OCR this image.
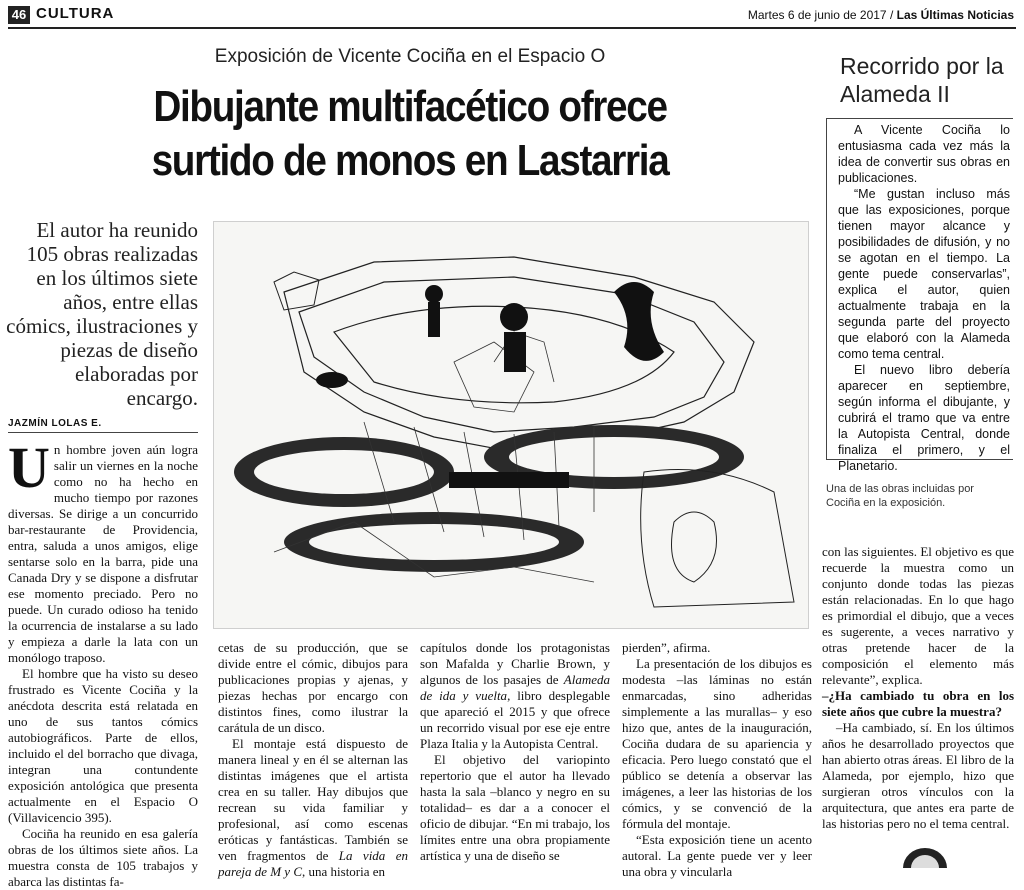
46 CULTURA	Martes 6 de junio de 2017 / Las Últimas Noticias
Exposición de Vicente Cociña en el Espacio O
Dibujante multifacético ofrece
surtido de monos en Lastarria
El autor ha reunido 105 obras realizadas en los últimos siete años, entre ellas cómics, ilustraciones y piezas de diseño elaboradas por encargo.
JAZMÍN LOLAS E.

Un hombre joven aún logra salir un viernes en la noche como no ha hecho en mucho tiempo por razones diversas. Se dirige a un concurrido bar-restaurante de Providencia, entra, saluda a unos amigos, elige sentarse solo en la barra, pide una Canada Dry y se dispone a disfrutar ese momento preciado. Pero no puede. Un curado odioso ha tenido la ocurrencia de instalarse a su lado y empieza a darle la lata con un monólogo traposo.

El hombre que ha visto su deseo frustrado es Vicente Cociña y la anécdota descrita está relatada en uno de sus tantos cómics autobiográficos. Parte de ellos, incluido el del borracho que divaga, integran una contundente exposición antológica que presenta actualmente en el Espacio O (Villavicencio 395).

Cociña ha reunido en esa galería obras de los últimos siete años. La muestra consta de 105 trabajos y abarca las distintas fa-

cetas de su producción, que se divide entre el cómic, dibujos para publicaciones propias y ajenas, y piezas hechas por encargo con distintos fines, como ilustrar la carátula de un disco.

El montaje está dispuesto de manera lineal y en él se alternan las distintas imágenes que el artista crea en su taller. Hay dibujos que recrean su vida familiar y profesional, así como escenas eróticas y fantásticas. También se ven fragmentos de La vida en pareja de M y C, una historia en

capítulos donde los protagonistas son Mafalda y Charlie Brown, y algunos de los pasajes de Alameda de ida y vuelta, libro desplegable que apareció el 2015 y que ofrece un recorrido visual por ese eje entre Plaza Italia y la Autopista Central.

El objetivo del variopinto repertorio que el autor ha llevado hasta la sala –blanco y negro en su totalidad– es dar a a conocer el oficio de dibujar. “En mi trabajo, los límites entre una obra propiamente artística y una de diseño se

pierden”, afirma.

La presentación de los dibujos es modesta –las láminas no están enmarcadas, sino adheridas simplemente a las murallas– y eso hizo que, antes de la inauguración, Cociña dudara de su apariencia y eficacia. Pero luego constató que el público se detenía a observar las imágenes, a leer las historias de los cómics, y se convenció de la fórmula del montaje.

“Esta exposición tiene un acento autoral. La gente puede ver y leer una obra y vincularla

con las siguientes. El objetivo es que recuerde la muestra como un conjunto donde todas las piezas están relacionadas. En lo que hago es primordial el dibujo, que a veces es sugerente, a veces narrativo y otras pretende hacer de la composición el elemento más relevante”, explica.

–¿Ha cambiado tu obra en los siete años que cubre la muestra?

–Ha cambiado, sí. En los últimos años he desarrollado proyectos que han abierto otras áreas. El libro de la Alameda, por ejemplo, hizo que surgieran otros vínculos con la arquitectura, que antes era parte de las historias pero no el tema central.

Recorrido por la Alameda II

A Vicente Cociña lo entusiasma cada vez más la idea de convertir sus obras en publicaciones.

“Me gustan incluso más que las exposiciones, porque tienen mayor alcance y posibilidades de difusión, y no se agotan en el tiempo. La gente puede conservarlas”, explica el autor, quien actualmente trabaja en la segunda parte del proyecto que elaboró con la Alameda como tema central.

El nuevo libro debería aparecer en septiembre, según informa el dibujante, y cubrirá el tramo que va entre la Autopista Central, donde finaliza el primero, y el Planetario.

Una de las obras incluidas por Cociña en la exposición.
